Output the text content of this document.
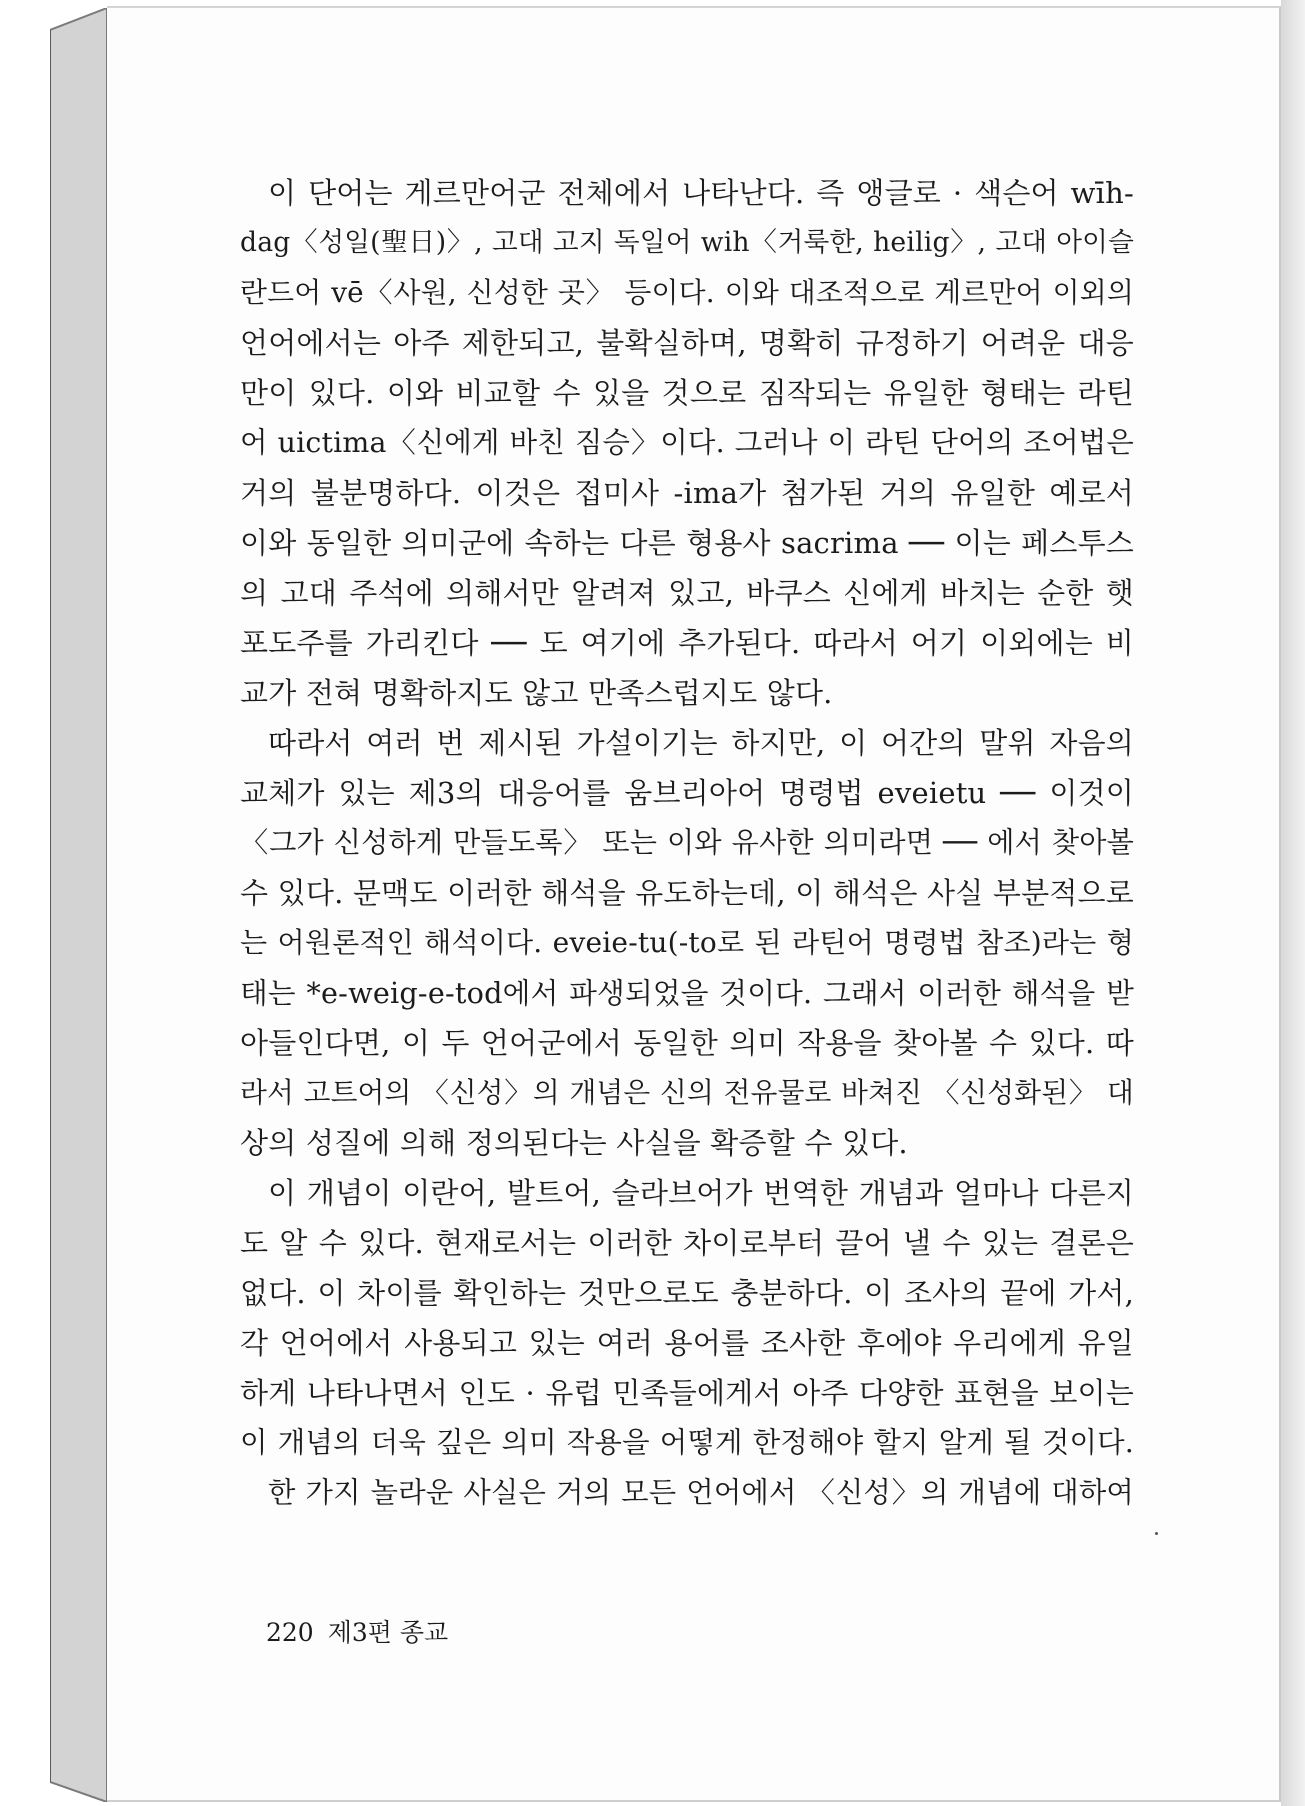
이 단어는 게르만어군 전체에서 나타난다. 즉 앵글로 · 색슨어 wīh-
dag〈성일(聖日)〉, 고대 고지 독일어 wih〈거룩한, heilig〉, 고대 아이슬
란드어 vē〈사원, 신성한 곳〉 등이다. 이와 대조적으로 게르만어 이외의
언어에서는 아주 제한되고, 불확실하며, 명확히 규정하기 어려운 대응
만이 있다. 이와 비교할 수 있을 것으로 짐작되는 유일한 형태는 라틴
어 uictima〈신에게 바친 짐승〉이다. 그러나 이 라틴 단어의 조어법은
거의 불분명하다. 이것은 접미사 -ima가 첨가된 거의 유일한 예로서
이와 동일한 의미군에 속하는 다른 형용사 sacrima ── 이는 페스투스
의 고대 주석에 의해서만 알려져 있고, 바쿠스 신에게 바치는 순한 햇
포도주를 가리킨다 ── 도 여기에 추가된다. 따라서 어기 이외에는 비
교가 전혀 명확하지도 않고 만족스럽지도 않다.
따라서 여러 번 제시된 가설이기는 하지만, 이 어간의 말위 자음의
교체가 있는 제3의 대응어를 움브리아어 명령법 eveietu ── 이것이
〈그가 신성하게 만들도록〉 또는 이와 유사한 의미라면 ── 에서 찾아볼
수 있다. 문맥도 이러한 해석을 유도하는데, 이 해석은 사실 부분적으로
는 어원론적인 해석이다. eveie-tu(-to로 된 라틴어 명령법 참조)라는 형
태는 *e-weig-e-tod에서 파생되었을 것이다. 그래서 이러한 해석을 받
아들인다면, 이 두 언어군에서 동일한 의미 작용을 찾아볼 수 있다. 따
라서 고트어의 〈신성〉의 개념은 신의 전유물로 바쳐진 〈신성화된〉 대
상의 성질에 의해 정의된다는 사실을 확증할 수 있다.
이 개념이 이란어, 발트어, 슬라브어가 번역한 개념과 얼마나 다른지
도 알 수 있다. 현재로서는 이러한 차이로부터 끌어 낼 수 있는 결론은
없다. 이 차이를 확인하는 것만으로도 충분하다. 이 조사의 끝에 가서,
각 언어에서 사용되고 있는 여러 용어를 조사한 후에야 우리에게 유일
하게 나타나면서 인도 · 유럽 민족들에게서 아주 다양한 표현을 보이는
이 개념의 더욱 깊은 의미 작용을 어떻게 한정해야 할지 알게 될 것이다.
한 가지 놀라운 사실은 거의 모든 언어에서 〈신성〉의 개념에 대하여
220 제3편 종교
